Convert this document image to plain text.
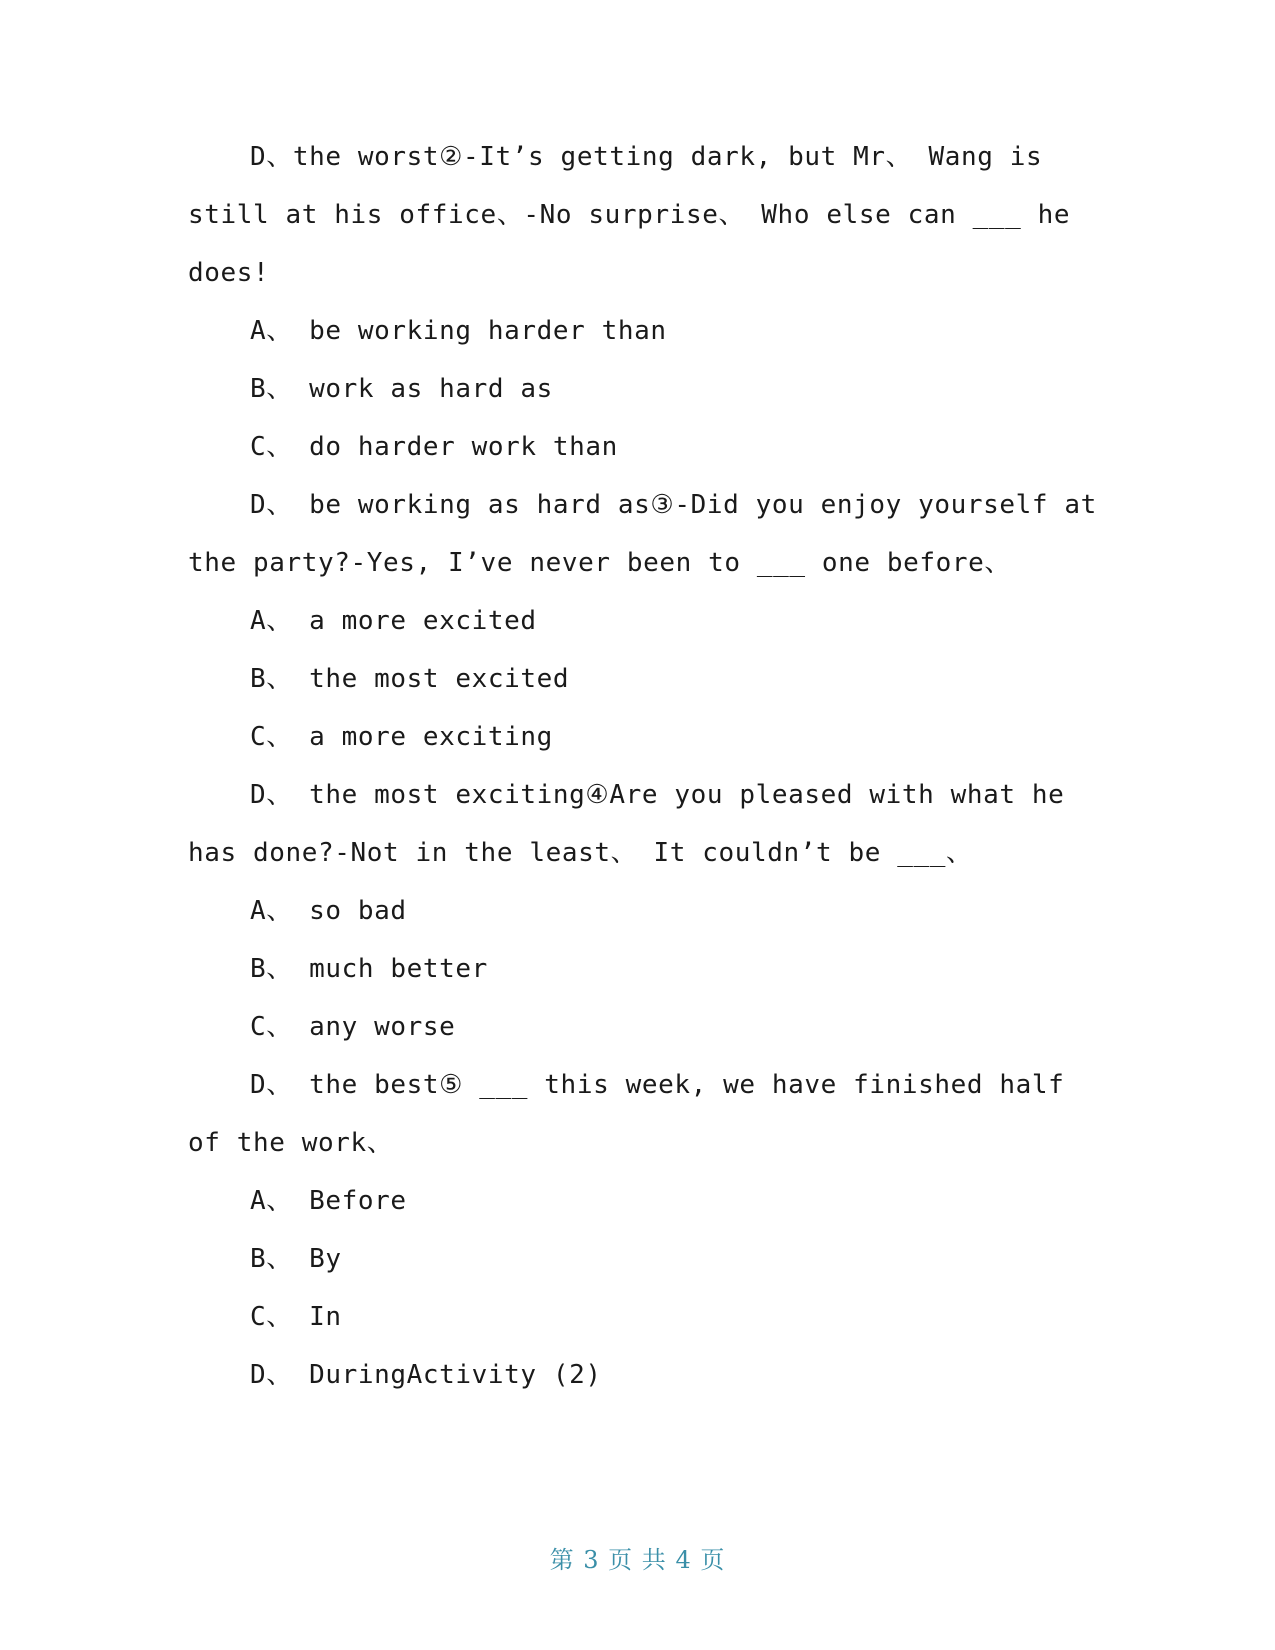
D、the worst②-It’s getting dark, but Mr、 Wang is
still at his office、-No surprise、 Who else can ___ he
does!
A、 be working harder than
B、 work as hard as
C、 do harder work than
D、 be working as hard as③-Did you enjoy yourself at
the party?-Yes, I’ve never been to ___ one before、
A、 a more excited
B、 the most excited
C、 a more exciting
D、 the most exciting④Are you pleased with what he
has done?-Not in the least、 It couldn’t be ___、
A、 so bad
B、 much better
C、 any worse
D、 the best⑤ ___ this week, we have finished half
of the work、
A、 Before
B、 By
C、 In
D、 DuringActivity (2)
第 3 页 共 4 页
